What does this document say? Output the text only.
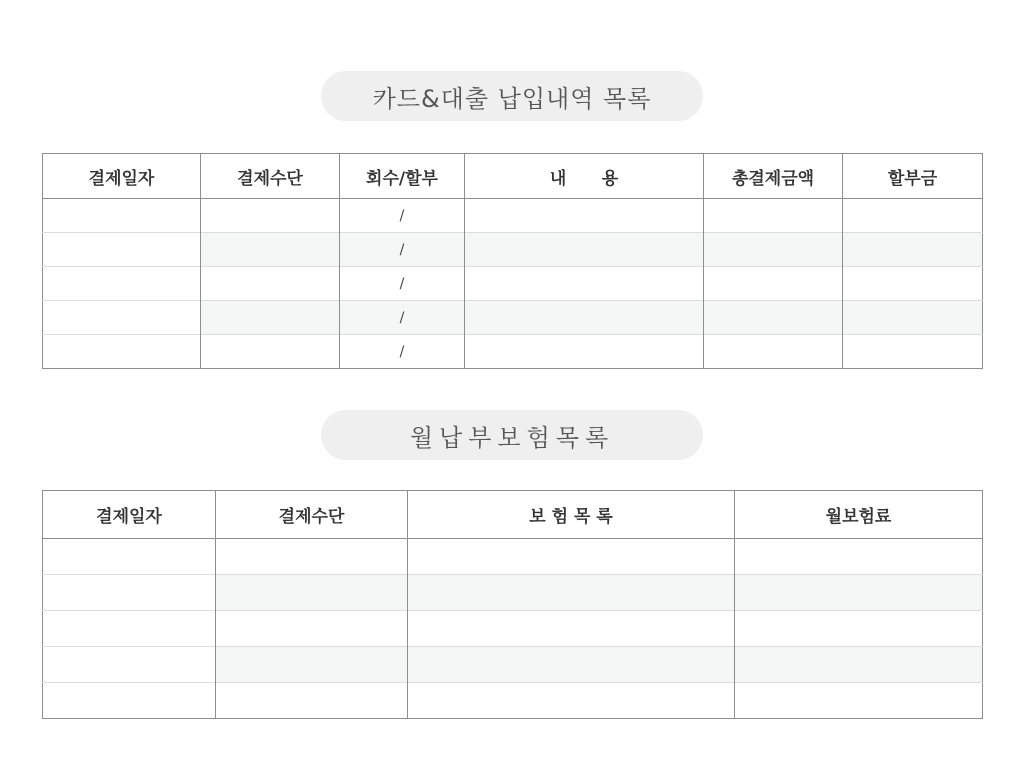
카드&대출 납입내역 목록
결제일자	결제수단	회수/할부	내      용	총결제금액	할부금
		/			
		/			
		/			
		/			
		/			
월납부보험목록
결제일자	결제수단	보 험 목 록	월보험료
